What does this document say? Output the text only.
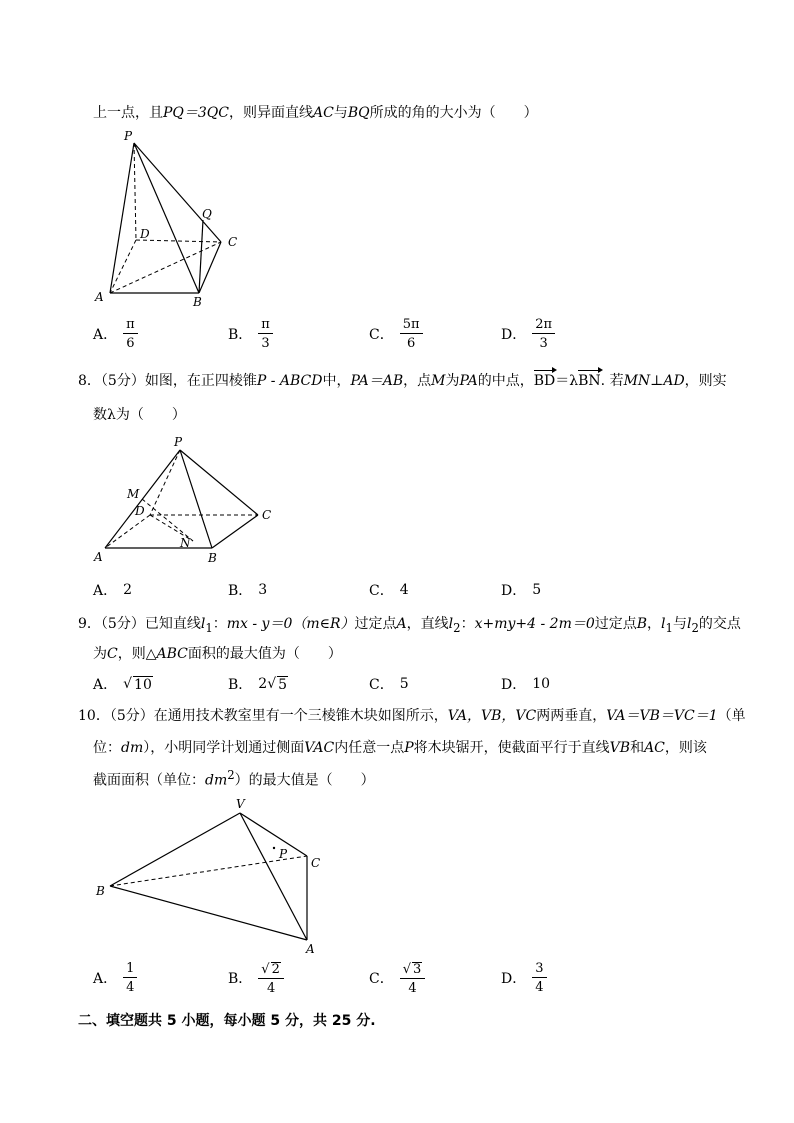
上一点，且PQ＝3QC，则异面直线AC与BQ所成的角的大小为（　　）
P
Q
D
C
A	B
A． $\frac{\pi}{6}$	B． $\frac{\pi}{3}$	C． $\frac{5\pi}{6}$	D． $\frac{2\pi}{3}$
8．（5分）如图，在正四棱锥P - ABCD中，PA＝AB，点M为PA的中点，BD＝λBN. 若MN⊥AD，则实
数λ为（　　）
P
M
D	C
N
A	B
A． 2	B． 3	C． 4	D． 5
9．（5分）已知直线$l_1$：mx - y＝0（m∈R）过定点A，直线$l_2$：x+my+4 - 2m＝0过定点B，$l_1$与$l_2$的交点
为C，则△ABC面积的最大值为（　　）
A． √ 10	B． 2 √ 5	C． 5	D． 10
10．（5分）在通用技术教室里有一个三棱锥木块如图所示，VA，VB，VC两两垂直，VA＝VB＝VC＝1（单
位：dm），小明同学计划通过侧面VAC内任意一点P将木块锯开，使截面平行于直线VB和AC，则该
截面面积（单位：$dm^2$）的最大值是（　　）
V
P
C
B
A
A． $\frac{1}{4}$	B． $\frac{√ 2}{4}$	C． $\frac{√ 3}{4}$	D． $\frac{3}{4}$
二、填空题共 5 小题，每小题 5 分，共 25 分.
